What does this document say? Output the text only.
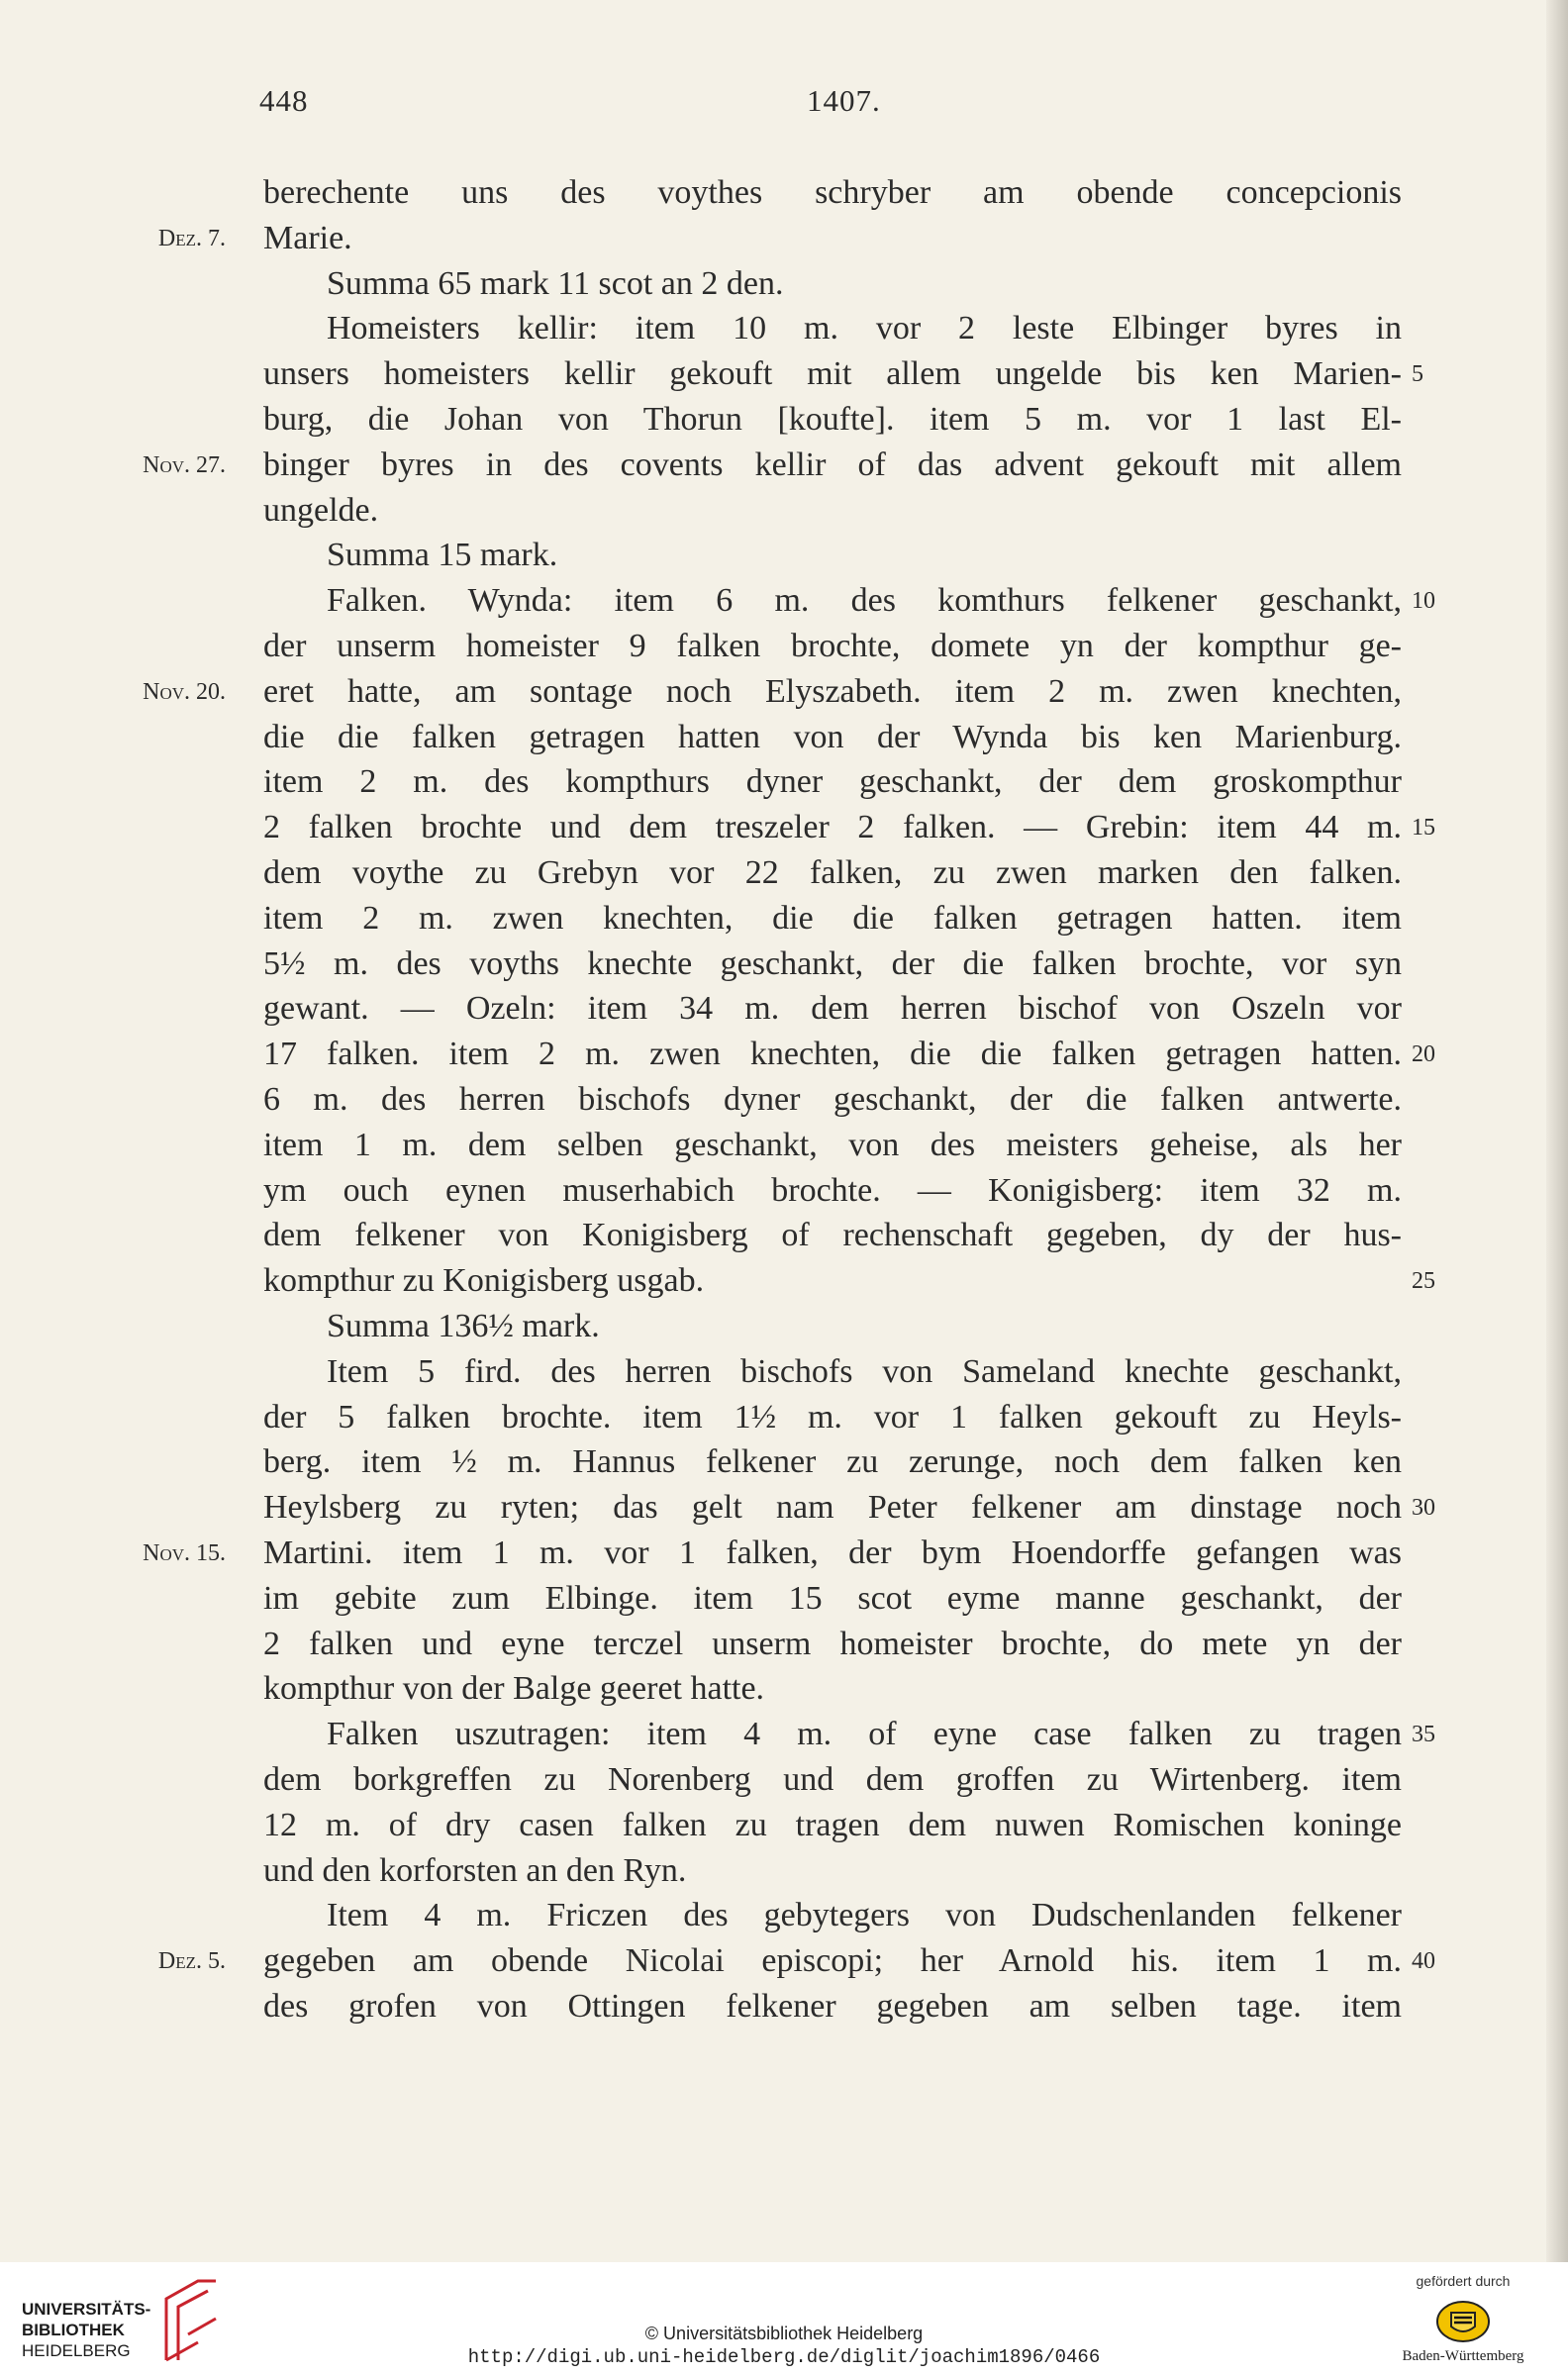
448	1407.
berechente uns des voythes schryber am obende concepcionis
Marie.
Dez. 7.
Summa 65 mark 11 scot an 2 den.
Homeisters kellir: item 10 m. vor 2 leste Elbinger byres in
unsers homeisters kellir gekouft mit allem ungelde bis ken Marien- 5
burg, die Johan von Thorun [koufte]. item 5 m. vor 1 last El-
binger byres in des covents kellir of das advent gekouft mit allem
Nov. 27.
ungelde.
Summa 15 mark.
Falken. Wynda: item 6 m. des komthurs felkener geschankt, 10
der unserm homeister 9 falken brochte, domete yn der kompthur ge-
eret hatte, am sontage noch Elyszabeth. item 2 m. zwen knechten,
Nov. 20.
die die falken getragen hatten von der Wynda bis ken Marienburg.
item 2 m. des kompthurs dyner geschankt, der dem groskompthur
2 falken brochte und dem treszeler 2 falken. — Grebin: item 44 m. 15
dem voythe zu Grebyn vor 22 falken, zu zwen marken den falken.
item 2 m. zwen knechten, die die falken getragen hatten. item
5½ m. des voyths knechte geschankt, der die falken brochte, vor syn
gewant. — Ozeln: item 34 m. dem herren bischof von Oszeln vor
17 falken. item 2 m. zwen knechten, die die falken getragen hatten. 20
6 m. des herren bischofs dyner geschankt, der die falken antwerte.
item 1 m. dem selben geschankt, von des meisters geheise, als her
ym ouch eynen muserhabich brochte. — Konigisberg: item 32 m.
dem felkener von Konigisberg of rechenschaft gegeben, dy der hus-
kompthur zu Konigisberg usgab.	25
Summa 136½ mark.
Item 5 fird. des herren bischofs von Sameland knechte geschankt,
der 5 falken brochte. item 1½ m. vor 1 falken gekouft zu Heyls-
berg. item ½ m. Hannus felkener zu zerunge, noch dem falken ken
Heylsberg zu ryten; das gelt nam Peter felkener am dinstage noch 30
Martini. item 1 m. vor 1 falken, der bym Hoendorffe gefangen was
Nov. 15.
im gebite zum Elbinge. item 15 scot eyme manne geschankt, der
2 falken und eyne terczel unserm homeister brochte, do mete yn der
kompthur von der Balge geeret hatte.
Falken uszutragen: item 4 m. of eyne case falken zu tragen 35
dem borkgreffen zu Norenberg und dem groffen zu Wirtenberg. item
12 m. of dry casen falken zu tragen dem nuwen Romischen koninge
und den korforsten an den Ryn.
Item 4 m. Friczen des gebytegers von Dudschenlanden felkener
gegeben am obende Nicolai episcopi; her Arnold his. item 1 m.
Dez. 5.	40
des grofen von Ottingen felkener gegeben am selben tage. item
UNIVERSITÄTS-
BIBLIOTHEK
HEIDELBERG
© Universitätsbibliothek Heidelberg
http://digi.ub.uni-heidelberg.de/diglit/joachim1896/0466
gefördert durch
Baden-Württemberg
